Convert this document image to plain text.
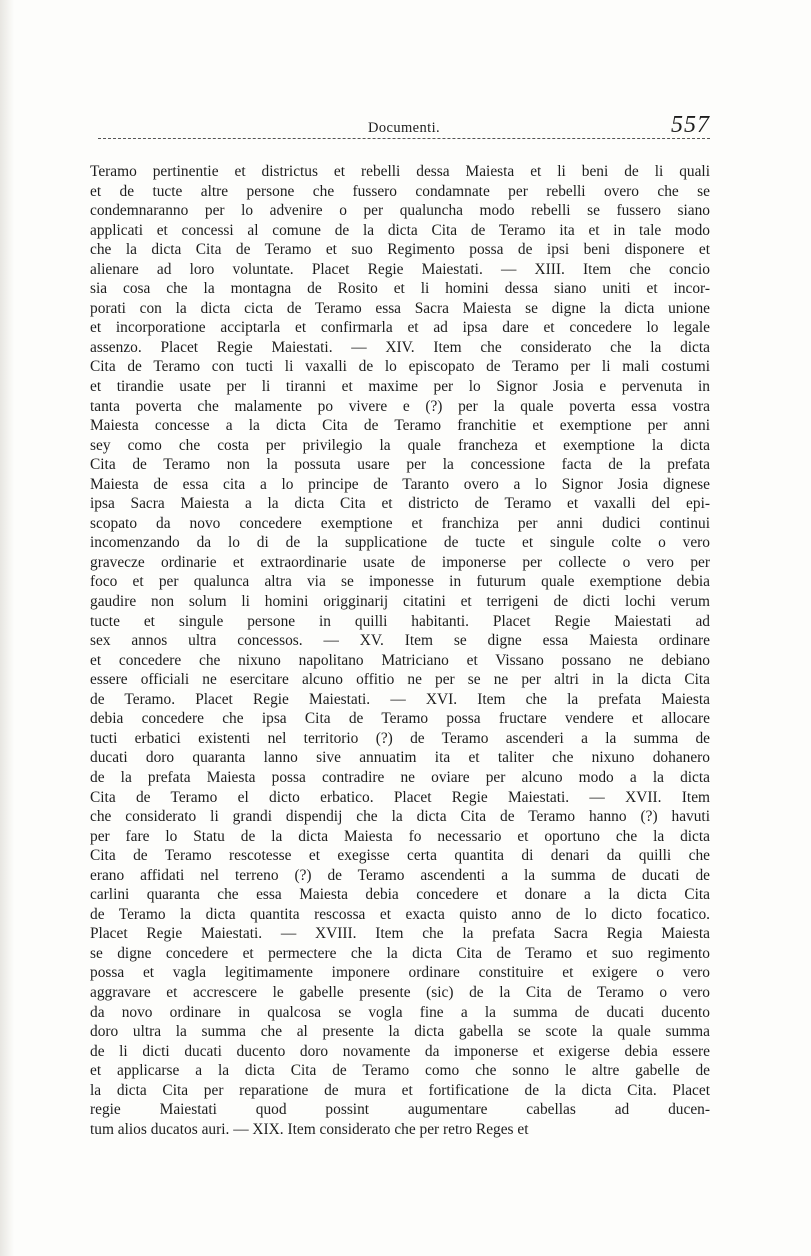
Documenti.	557
Teramo pertinentie et districtus et rebelli dessa Maiesta et li beni de li quali
et de tucte altre persone che fussero condamnate per rebelli overo che se
condemnaranno per lo advenire o per qualuncha modo rebelli se fussero siano
applicati et concessi al comune de la dicta Cita de Teramo ita et in tale modo
che la dicta Cita de Teramo et suo Regimento possa de ipsi beni disponere et
alienare ad loro voluntate. Placet Regie Maiestati. — XIII. Item che concio
sia cosa che la montagna de Rosito et li homini dessa siano uniti et incor-
porati con la dicta cicta de Teramo essa Sacra Maiesta se digne la dicta unione
et incorporatione acciptarla et confirmarla et ad ipsa dare et concedere lo legale
assenzo. Placet Regie Maiestati. — XIV. Item che considerato che la dicta
Cita de Teramo con tucti li vaxalli de lo episcopato de Teramo per li mali costumi
et tirandie usate per li tiranni et maxime per lo Signor Josia e pervenuta in
tanta poverta che malamente po vivere e (?) per la quale poverta essa vostra
Maiesta concesse a la dicta Cita de Teramo franchitie et exemptione per anni
sey como che costa per privilegio la quale francheza et exemptione la dicta
Cita de Teramo non la possuta usare per la concessione facta de la prefata
Maiesta de essa cita a lo principe de Taranto overo a lo Signor Josia dignese
ipsa Sacra Maiesta a la dicta Cita et districto de Teramo et vaxalli del epi-
scopato da novo concedere exemptione et franchiza per anni dudici continui
incomenzando da lo di de la supplicatione de tucte et singule colte o vero
gravecze ordinarie et extraordinarie usate de imponerse per collecte o vero per
foco et per qualunca altra via se imponesse in futurum quale exemptione debia
gaudire non solum li homini origginarij citatini et terrigeni de dicti lochi verum
tucte et singule persone in quilli habitanti. Placet Regie Maiestati ad
sex annos ultra concessos. — XV. Item se digne essa Maiesta ordinare
et concedere che nixuno napolitano Matriciano et Vissano possano ne debiano
essere officiali ne esercitare alcuno offitio ne per se ne per altri in la dicta Cita
de Teramo. Placet Regie Maiestati. — XVI. Item che la prefata Maiesta
debia concedere che ipsa Cita de Teramo possa fructare vendere et allocare
tucti erbatici existenti nel territorio (?) de Teramo ascenderi a la summa de
ducati doro quaranta lanno sive annuatim ita et taliter che nixuno dohanero
de la prefata Maiesta possa contradire ne oviare per alcuno modo a la dicta
Cita de Teramo el dicto erbatico. Placet Regie Maiestati. — XVII. Item
che considerato li grandi dispendij che la dicta Cita de Teramo hanno (?) havuti
per fare lo Statu de la dicta Maiesta fo necessario et oportuno che la dicta
Cita de Teramo rescotesse et exegisse certa quantita di denari da quilli che
erano affidati nel terreno (?) de Teramo ascendenti a la summa de ducati de
carlini quaranta che essa Maiesta debia concedere et donare a la dicta Cita
de Teramo la dicta quantita rescossa et exacta quisto anno de lo dicto focatico.
Placet Regie Maiestati. — XVIII. Item che la prefata Sacra Regia Maiesta
se digne concedere et permectere che la dicta Cita de Teramo et suo regimento
possa et vagla legitimamente imponere ordinare constituire et exigere o vero
aggravare et accrescere le gabelle presente (sic) de la Cita de Teramo o vero
da novo ordinare in qualcosa se vogla fine a la summa de ducati ducento
doro ultra la summa che al presente la dicta gabella se scote la quale summa
de li dicti ducati ducento doro novamente da imponerse et exigerse debia essere
et applicarse a la dicta Cita de Teramo como che sonno le altre gabelle de
la dicta Cita per reparatione de mura et fortificatione de la dicta Cita. Placet
regie Maiestati quod possint augumentare cabellas ad ducen-
tum alios ducatos auri. — XIX. Item considerato che per retro Reges et
